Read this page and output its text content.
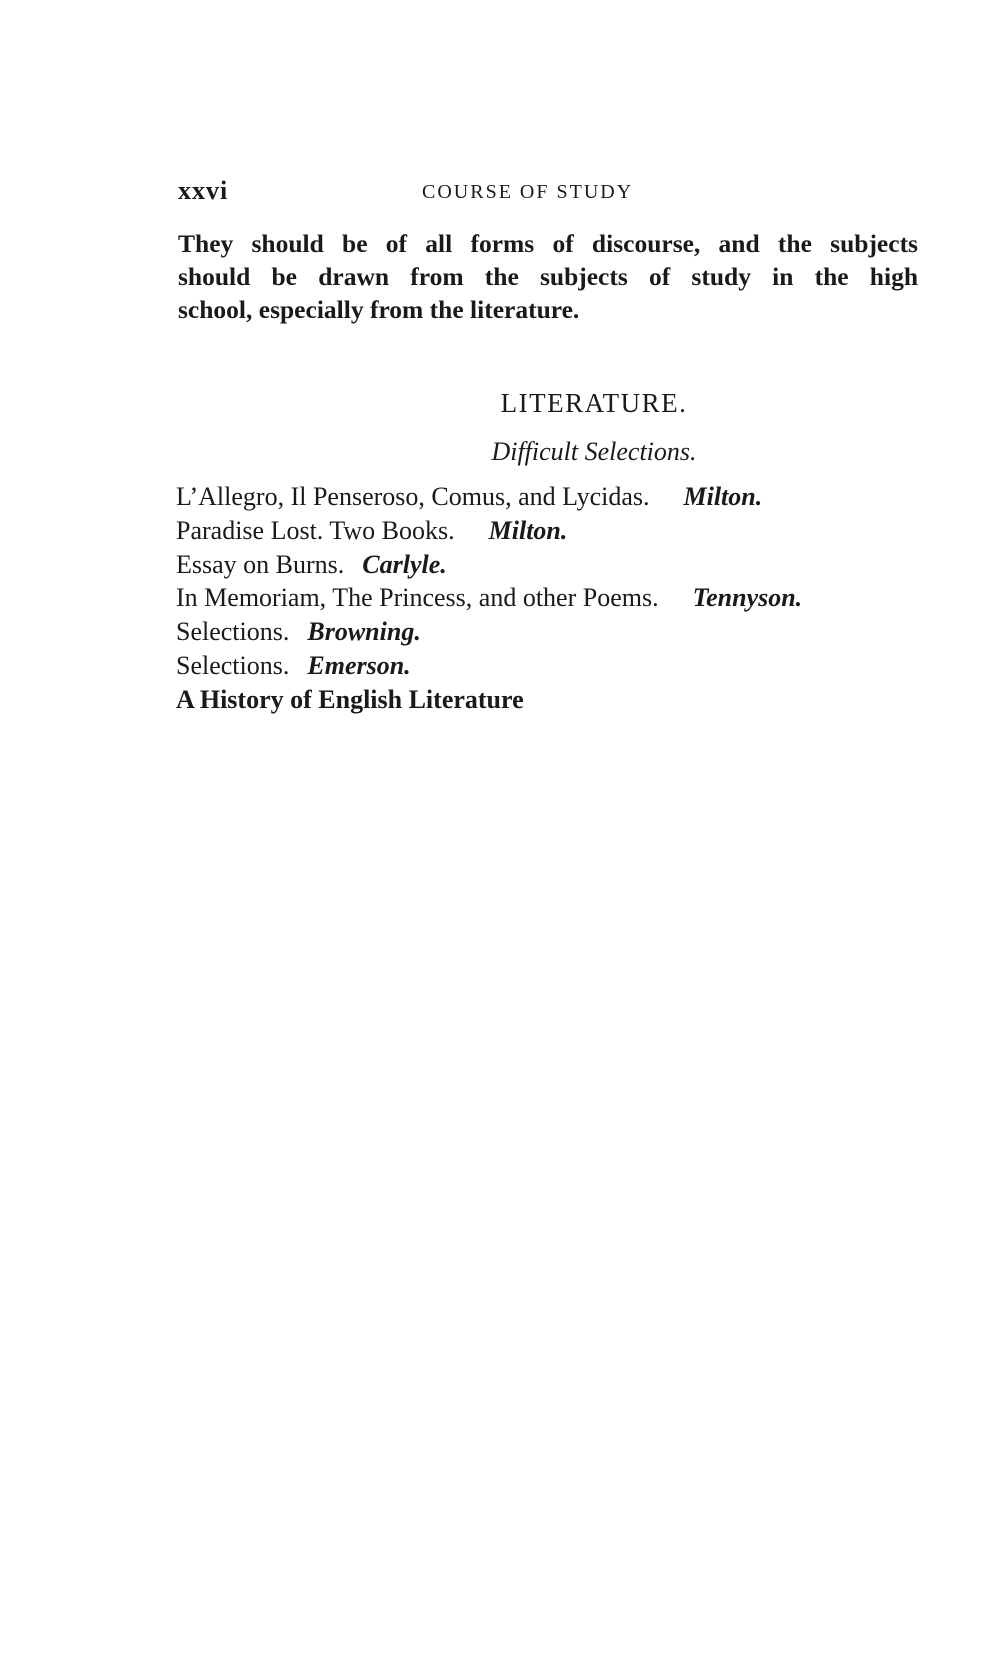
xxvi	COURSE OF STUDY
They should be of all forms of discourse, and the subjects
should be drawn from the subjects of study in the high
school, especially from the literature.
LITERATURE.
Difficult Selections.
L’Allegro, Il Penseroso, Comus, and Lycidas. Milton.
Paradise Lost. Two Books. Milton.
Essay on Burns. Carlyle.
In Memoriam, The Princess, and other Poems. Tennyson.
Selections. Browning.
Selections. Emerson.
A History of English Literature
